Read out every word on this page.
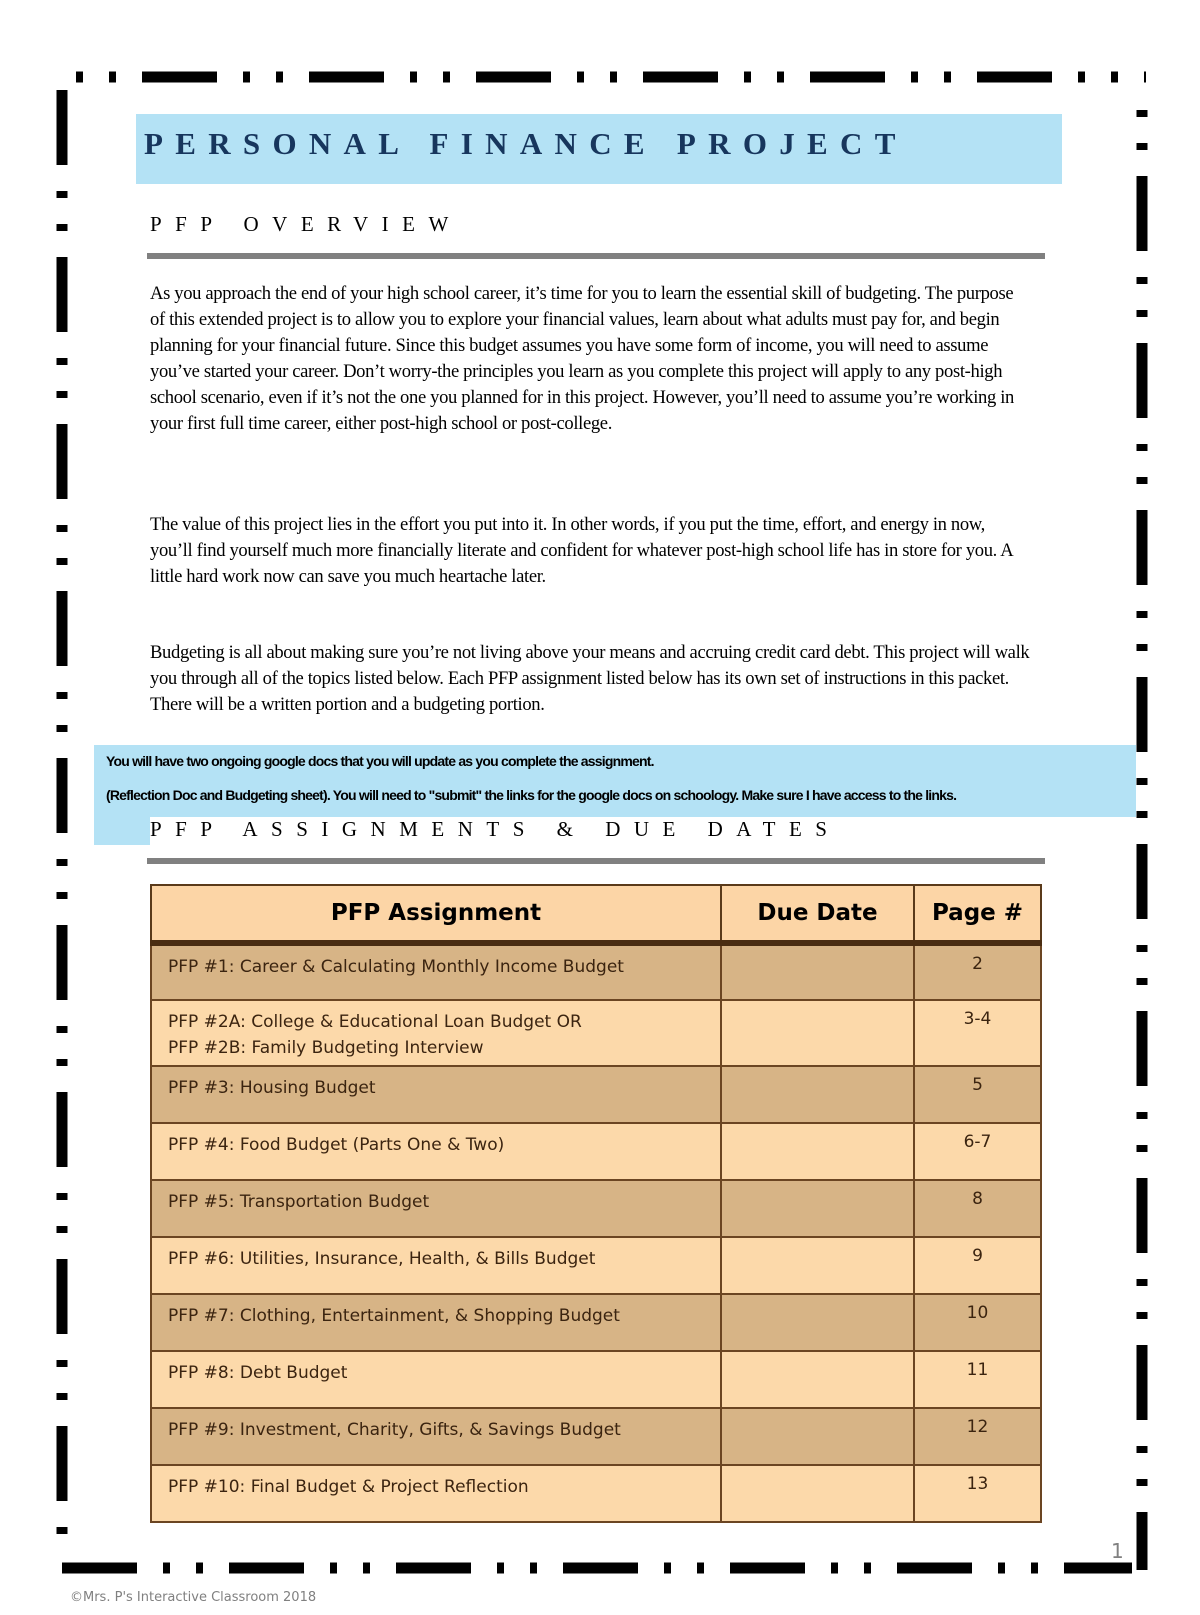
PERSONAL FINANCE PROJECT
PFP OVERVIEW

As you approach the end of your high school career, it’s time for you to learn the essential skill of budgeting. The purpose of this extended project is to allow you to explore your financial values, learn about what adults must pay for, and begin planning for your financial future. Since this budget assumes you have some form of income, you will need to assume you’ve started your career. Don’t worry-the principles you learn as you complete this project will apply to any post-high school scenario, even if it’s not the one you planned for in this project. However, you’ll need to assume you’re working in your first full time career, either post-high school or post-college.

The value of this project lies in the effort you put into it. In other words, if you put the time, effort, and energy in now, you’ll find yourself much more financially literate and confident for whatever post-high school life has in store for you. A little hard work now can save you much heartache later.

Budgeting is all about making sure you’re not living above your means and accruing credit card debt. This project will walk you through all of the topics listed below. Each PFP assignment listed below has its own set of instructions in this packet. There will be a written portion and a budgeting portion.

You will have two ongoing google docs that you will update as you complete the assignment.
(Reflection Doc and Budgeting sheet). You will need to "submit" the links for the google docs on schoology. Make sure I have access to the links.
PFP ASSIGNMENTS & DUE DATES
PFP Assignment	Due Date	Page #

PFP #1: Career & Calculating Monthly Income Budget		2

PFP #2A: College & Educational Loan Budget OR
PFP #2B: Family Budgeting Interview		3-4

PFP #3: Housing Budget		5

PFP #4: Food Budget (Parts One & Two)		6-7

PFP #5: Transportation Budget		8

PFP #6: Utilities, Insurance, Health, & Bills Budget		9

PFP #7: Clothing, Entertainment, & Shopping Budget		10

PFP #8: Debt Budget		11

PFP #9: Investment, Charity, Gifts, & Savings Budget		12

PFP #10: Final Budget & Project Reflection		13
1
©Mrs. P's Interactive Classroom 2018
